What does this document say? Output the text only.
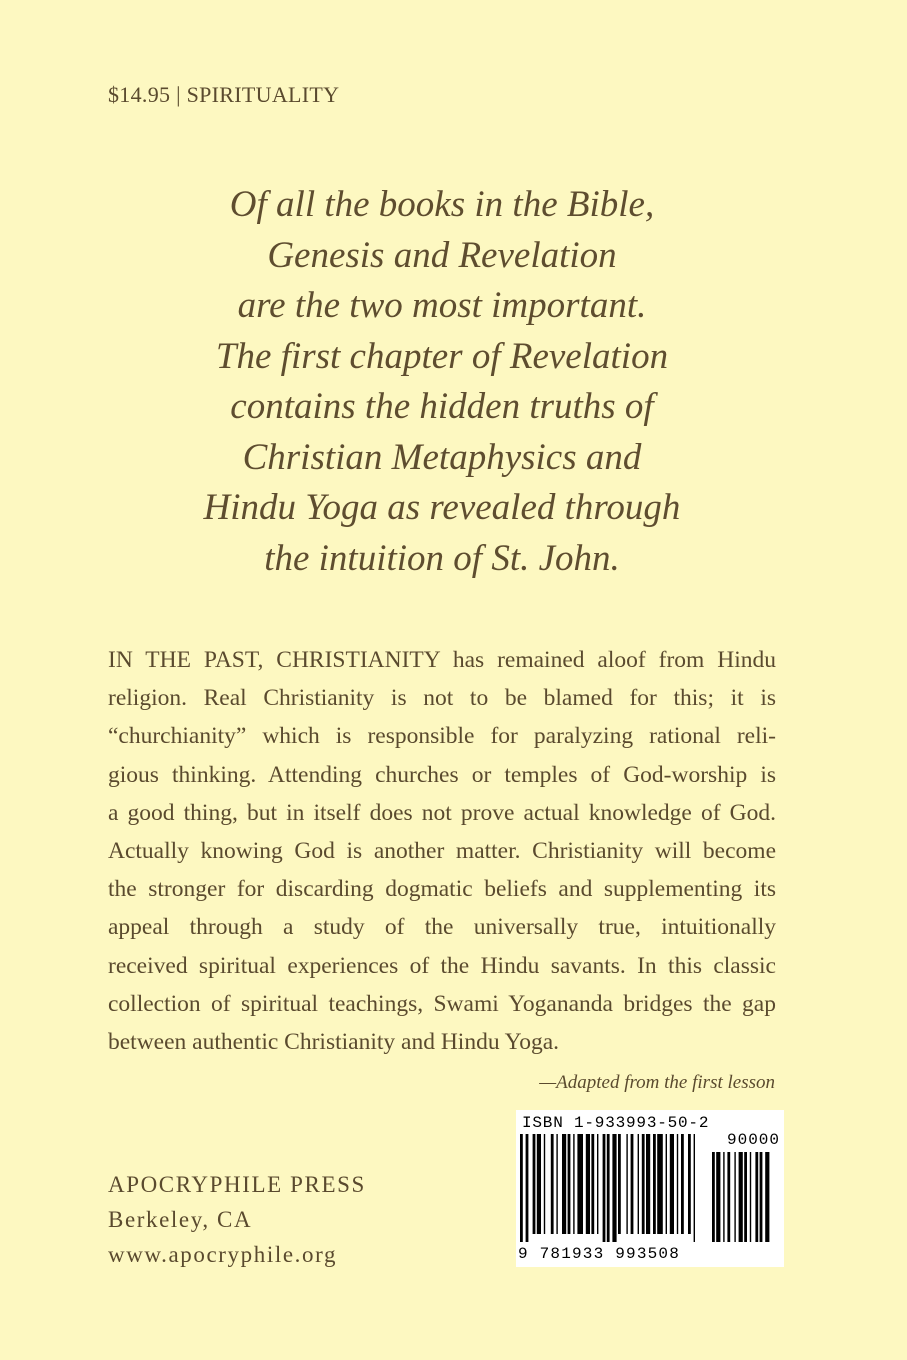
$14.95 | SPIRITUALITY
Of all the books in the Bible,
Genesis and Revelation
are the two most important.
The first chapter of Revelation
contains the hidden truths of
Christian Metaphysics and
Hindu Yoga as revealed through
the intuition of St. John.
IN THE PAST, CHRISTIANITY has remained aloof from Hindu
religion. Real Christianity is not to be blamed for this; it is
“churchianity” which is responsible for paralyzing rational reli-
gious thinking. Attending churches or temples of God-worship is
a good thing, but in itself does not prove actual knowledge of God.
Actually knowing God is another matter. Christianity will become
the stronger for discarding dogmatic beliefs and supplementing its
appeal through a study of the universally true, intuitionally
received spiritual experiences of the Hindu savants. In this classic
collection of spiritual teachings, Swami Yogananda bridges the gap
between authentic Christianity and Hindu Yoga.
—Adapted from the first lesson
APOCRYPHILE PRESS
Berkeley, CA
www.apocryphile.org
ISBN 1-933993-50-2
90000
9 781933 993508
